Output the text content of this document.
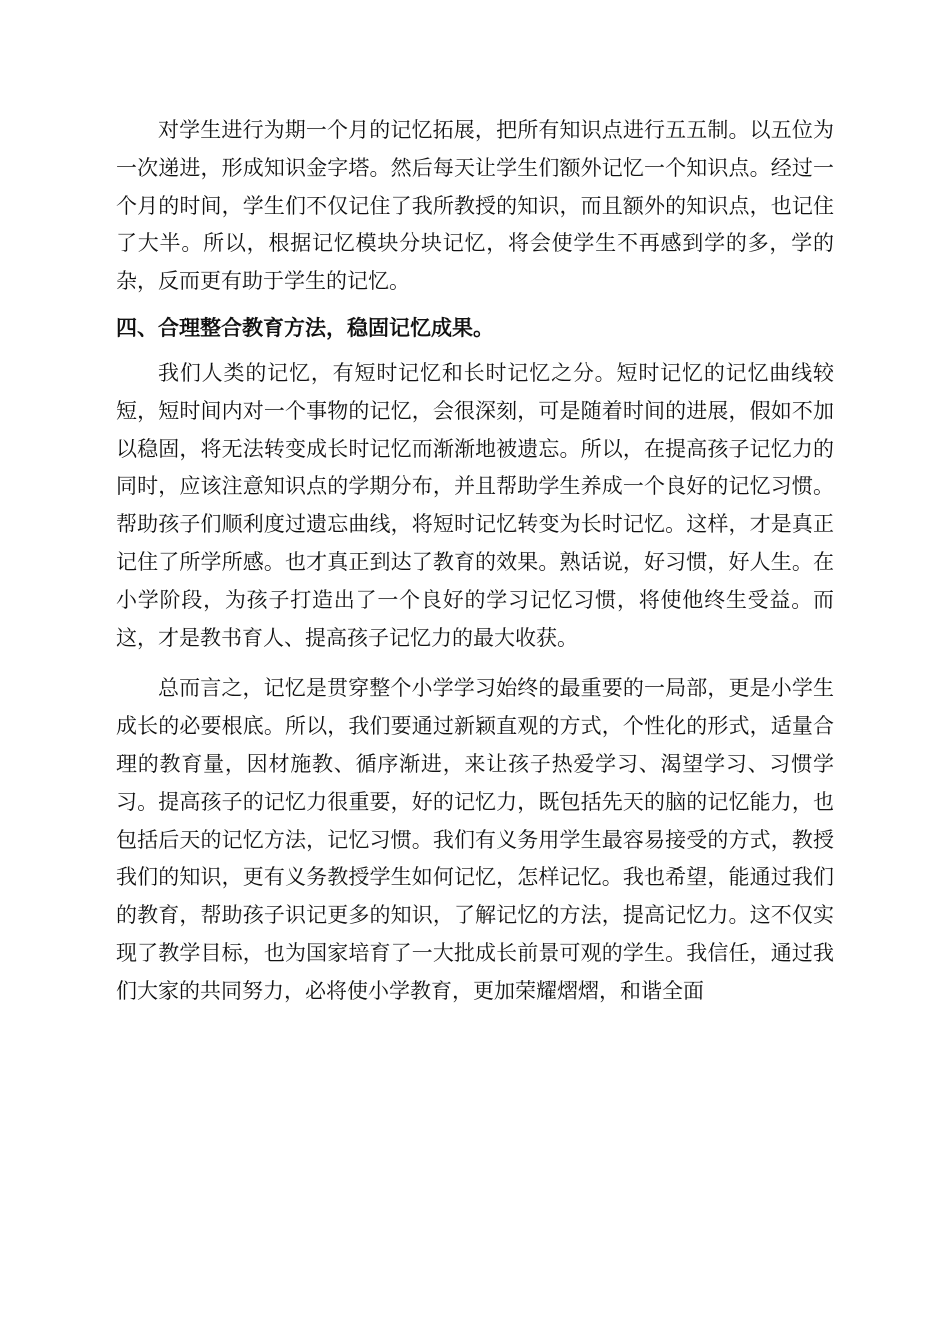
对学生进行为期一个月的记忆拓展，把所有知识点进行五五制。以五位为一次递进，形成知识金字塔。然后每天让学生们额外记忆一个知识点。经过一个月的时间，学生们不仅记住了我所教授的知识，而且额外的知识点，也记住了大半。所以，根据记忆模块分块记忆，将会使学生不再感到学的多，学的杂，反而更有助于学生的记忆。

四、合理整合教育方法，稳固记忆成果。

我们人类的记忆，有短时记忆和长时记忆之分。短时记忆的记忆曲线较短，短时间内对一个事物的记忆，会很深刻，可是随着时间的进展，假如不加以稳固，将无法转变成长时记忆而渐渐地被遗忘。所以，在提高孩子记忆力的同时，应该注意知识点的学期分布，并且帮助学生养成一个良好的记忆习惯。帮助孩子们顺利度过遗忘曲线，将短时记忆转变为长时记忆。这样，才是真正记住了所学所感。也才真正到达了教育的效果。熟话说，好习惯，好人生。在小学阶段，为孩子打造出了一个良好的学习记忆习惯，将使他终生受益。而这，才是教书育人、提高孩子记忆力的最大收获。

总而言之，记忆是贯穿整个小学学习始终的最重要的一局部，更是小学生成长的必要根底。所以，我们要通过新颖直观的方式，个性化的形式，适量合理的教育量，因材施教、循序渐进，来让孩子热爱学习、渴望学习、习惯学习。提高孩子的记忆力很重要，好的记忆力，既包括先天的脑的记忆能力，也包括后天的记忆方法，记忆习惯。我们有义务用学生最容易接受的方式，教授我们的知识，更有义务教授学生如何记忆，怎样记忆。我也希望，能通过我们的教育，帮助孩子识记更多的知识，了解记忆的方法，提高记忆力。这不仅实现了教学目标，也为国家培育了一大批成长前景可观的学生。我信任，通过我们大家的共同努力，必将使小学教育，更加荣耀熠熠，和谐全面
